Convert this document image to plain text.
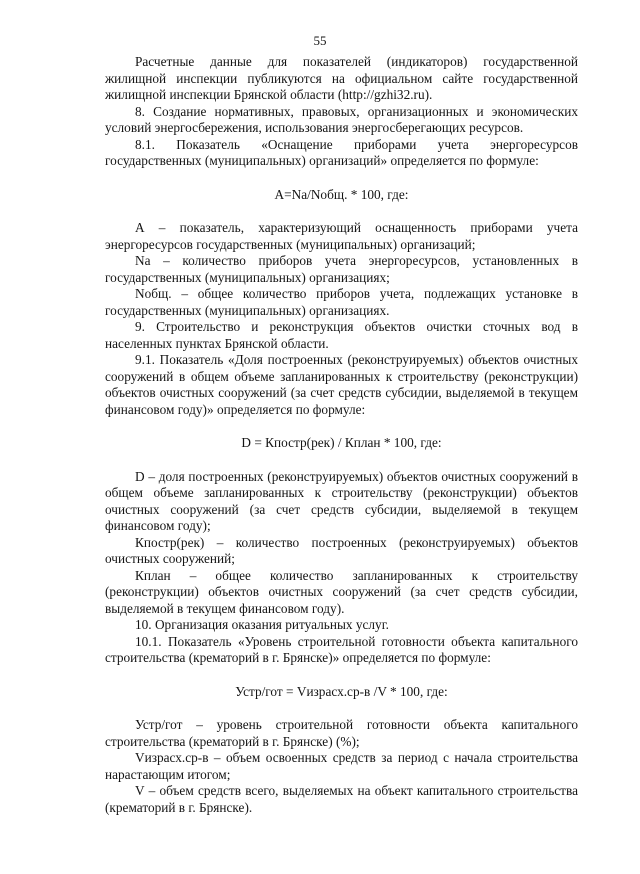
55

Расчетные данные для показателей (индикаторов) государственной жилищной инспекции публикуются на официальном сайте государственной жилищной инспекции Брянской области (http://gzhi32.ru).

8. Создание нормативных, правовых, организационных и экономических условий энергосбережения, использования энергосберегающих ресурсов.

8.1. Показатель «Оснащение приборами учета энергоресурсов государственных (муниципальных) организаций» определяется по формуле:

A=Na/Nобщ. * 100, где:

А – показатель, характеризующий оснащенность приборами учета энергоресурсов государственных (муниципальных) организаций;

Na – количество приборов учета энергоресурсов, установленных в государственных (муниципальных) организациях;

Nобщ. – общее количество приборов учета, подлежащих установке в государственных (муниципальных) организациях.

9. Строительство и реконструкция объектов очистки сточных вод в населенных пунктах Брянской области.

9.1. Показатель «Доля построенных (реконструируемых) объектов очистных сооружений в общем объеме запланированных к строительству (реконструкции) объектов очистных сооружений (за счет средств субсидии, выделяемой в текущем финансовом году)» определяется по формуле:

D = Кпостр(рек) / Кплан * 100, где:

D – доля построенных (реконструируемых) объектов очистных сооружений в общем объеме запланированных к строительству (реконструкции) объектов очистных сооружений (за счет средств субсидии, выделяемой в текущем финансовом году);

Кпостр(рек) – количество построенных (реконструируемых) объектов очистных сооружений;

Кплан – общее количество запланированных к строительству (реконструкции) объектов очистных сооружений (за счет средств субсидии, выделяемой в текущем финансовом году).

10. Организация оказания ритуальных услуг.

10.1. Показатель «Уровень строительной готовности объекта капитального строительства (крематорий в г. Брянске)» определяется по формуле:

Устр/гот = Vизрасх.ср-в /V * 100, где:

Устр/гот – уровень строительной готовности объекта капитального строительства (крематорий в г. Брянске) (%);

Vизрасх.ср-в – объем освоенных средств за период с начала строительства нарастающим итогом;

V – объем средств всего, выделяемых на объект капитального строительства (крематорий в г. Брянске).
